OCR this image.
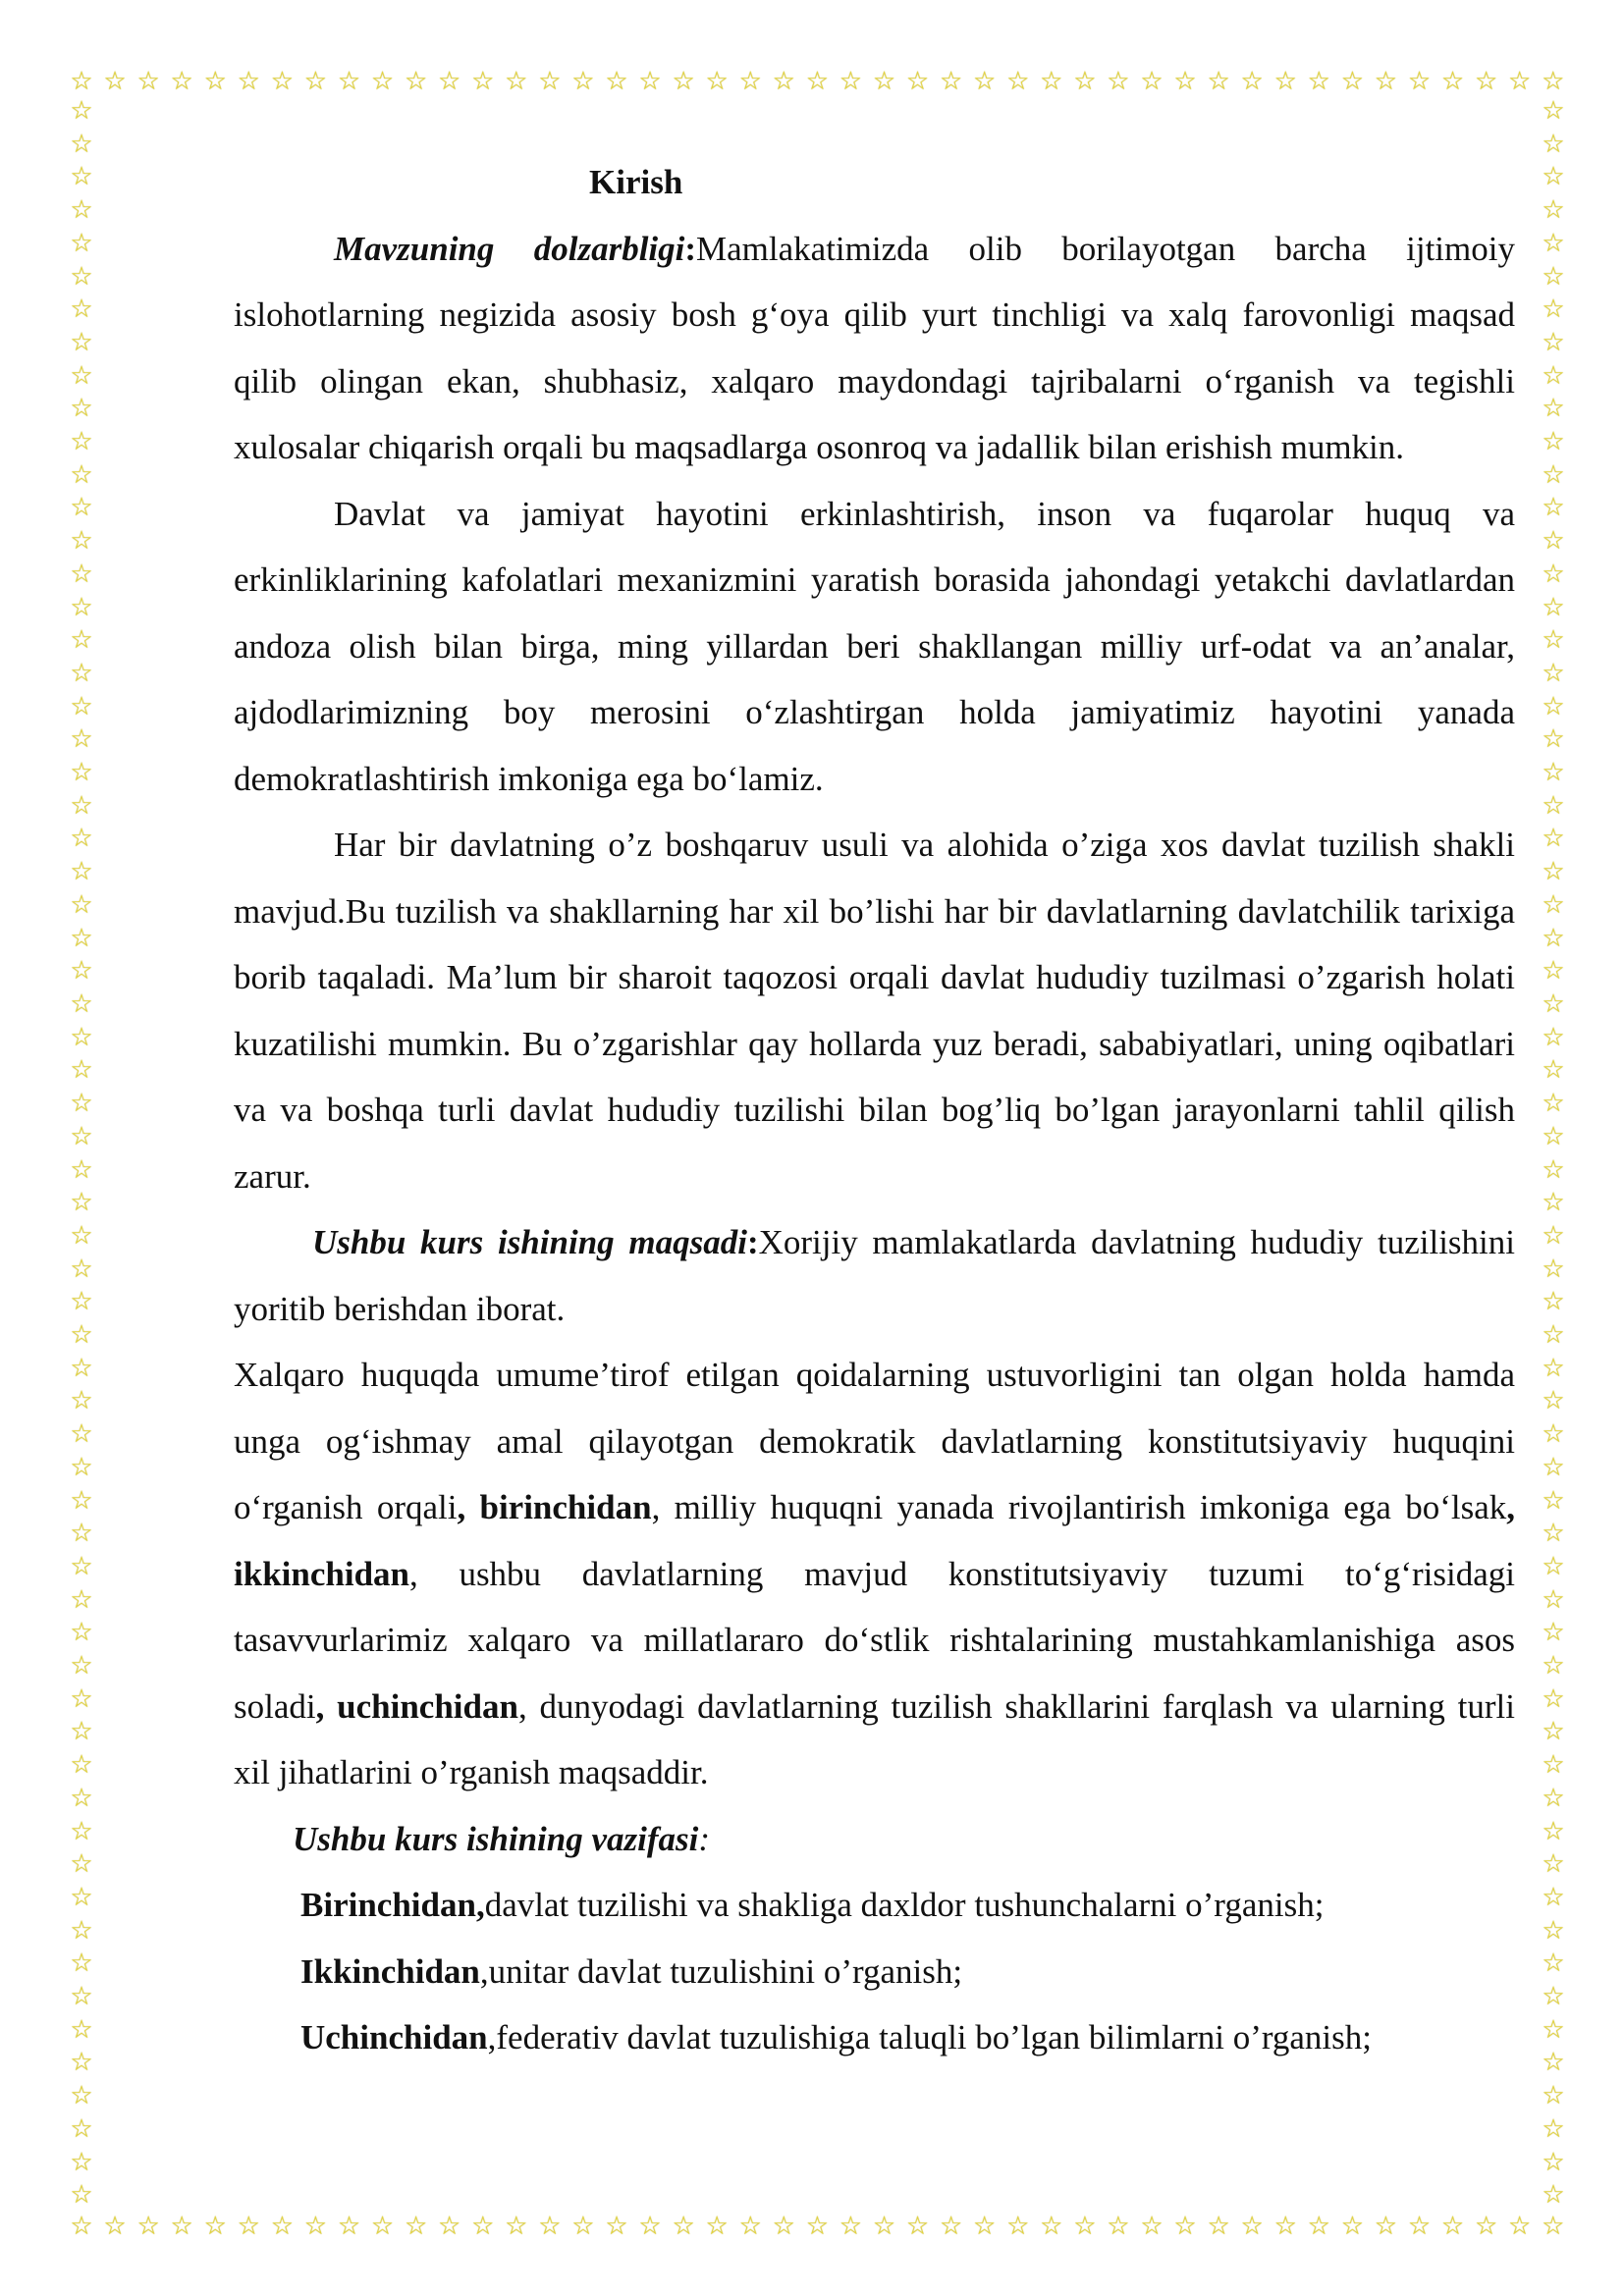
☆ ☆ ☆ ☆ ☆ ☆ ☆ ☆ ☆ ☆ ☆ ☆ ☆ ☆ ☆ ☆ ☆ ☆ ☆ ☆ ☆ ☆ ☆ ☆ ☆ ☆ ☆ ☆ ☆ ☆ ☆ ☆ ☆ ☆ ☆ ☆ ☆ ☆ ☆ ☆ ☆ ☆ ☆ ☆ ☆
☆ ☆ ☆ ☆ ☆ ☆ ☆ ☆ ☆ ☆ ☆ ☆ ☆ ☆ ☆ ☆ ☆ ☆ ☆ ☆ ☆ ☆ ☆ ☆ ☆ ☆ ☆ ☆ ☆ ☆ ☆ ☆ ☆ ☆ ☆ ☆ ☆ ☆ ☆ ☆ ☆ ☆ ☆ ☆ ☆
☆
☆
☆
☆
☆
☆
☆
☆
☆
☆
☆
☆
☆
☆
☆
☆
☆
☆
☆
☆
☆
☆
☆
☆
☆
☆
☆
☆
☆
☆
☆
☆
☆
☆
☆
☆
☆
☆
☆
☆
☆
☆
☆
☆
☆
☆
☆
☆
☆
☆
☆
☆
☆
☆
☆
☆
☆
☆
☆
☆
☆
☆
☆
☆
☆
☆
☆
☆
☆
☆
☆
☆
☆
☆
☆
☆
☆
☆
☆
☆
☆
☆
☆
☆
☆
☆
☆
☆
☆
☆
☆
☆
☆
☆
☆
☆
☆
☆
☆
☆
☆
☆
☆
☆
☆
☆
☆
☆
☆
☆
☆
☆
☆
☆
☆
☆
☆
☆
☆
☆
☆
☆
☆
☆
☆
☆
☆
☆

Kirish

Mavzuning dolzarbligi:Mamlakatimizda olib borilayotgan barcha ijtimoiy islohotlarning negizida asosiy bosh g‘oya qilib yurt tinchligi va xalq farovonligi maqsad qilib olingan ekan, shubhasiz, xalqaro maydondagi tajribalarni o‘rganish va tegishli xulosalar chiqarish orqali bu maqsadlarga osonroq va jadallik bilan erishish mumkin.

Davlat va jamiyat hayotini erkinlashtirish, inson va fuqarolar huquq va erkinliklarining kafolatlari mexanizmini yaratish borasida jahondagi yetakchi davlatlardan andoza olish bilan birga, ming yillardan beri shakllangan milliy urf-odat va an’analar, ajdodlarimizning boy merosini o‘zlashtirgan holda jamiyatimiz hayotini yanada demokratlashtirish imkoniga ega bo‘lamiz.

Har bir davlatning o’z boshqaruv usuli va alohida o’ziga xos davlat tuzilish shakli mavjud.Bu tuzilish va shakllarning har xil bo’lishi har bir davlatlarning davlatchilik tarixiga borib taqaladi. Ma’lum bir sharoit taqozosi orqali davlat hududiy tuzilmasi o’zgarish holati kuzatilishi mumkin. Bu o’zgarishlar qay hollarda yuz beradi, sababiyatlari, uning oqibatlari va va boshqa turli davlat hududiy tuzilishi bilan bog’liq bo’lgan jarayonlarni tahlil qilish zarur.

Ushbu kurs ishining maqsadi:Xorijiy mamlakatlarda davlatning hududiy tuzilishini yoritib berishdan iborat.

Xalqaro huquqda umume’tirof etilgan qoidalarning ustuvorligini tan olgan holda hamda unga og‘ishmay amal qilayotgan demokratik davlatlarning konstitutsiyaviy huquqini o‘rganish orqali, birinchidan, milliy huquqni yanada rivojlantirish imkoniga ega bo‘lsak, ikkinchidan, ushbu davlatlarning mavjud konstitutsiyaviy tuzumi to‘g‘risidagi tasavvurlarimiz xalqaro va millatlararo do‘stlik rishtalarining mustahkamlanishiga asos soladi, uchinchidan, dunyodagi davlatlarning tuzilish shakllarini farqlash va ularning turli xil jihatlarini o’rganish maqsaddir.

Ushbu kurs ishining vazifasi:

Birinchidan,davlat tuzilishi va shakliga daxldor tushunchalarni o’rganish;

Ikkinchidan,unitar davlat tuzulishini o’rganish;

Uchinchidan,federativ davlat tuzulishiga taluqli bo’lgan bilimlarni o’rganish;
